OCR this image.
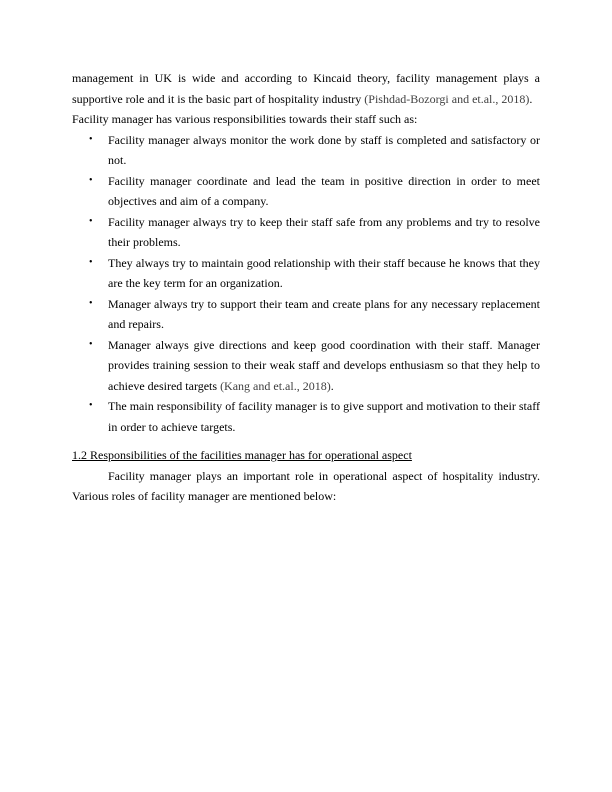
management in UK is wide and according to Kincaid theory, facility management plays a supportive role and it is the basic part of hospitality industry (Pishdad-Bozorgi and et.al., 2018).

Facility manager has various responsibilities towards their staff such as:

• Facility manager always monitor the work done by staff is completed and satisfactory or not.
• Facility manager coordinate and lead the team in positive direction in order to meet objectives and aim of a company.
• Facility manager always try to keep their staff safe from any problems and try to resolve their problems.
• They always try to maintain good relationship with their staff because he knows that they are the key term for an organization.
• Manager always try to support their team and create plans for any necessary replacement and repairs.
• Manager always give directions and keep good coordination with their staff. Manager provides training session to their weak staff and develops enthusiasm so that they help to achieve desired targets (Kang and et.al., 2018).
• The main responsibility of facility manager is to give support and motivation to their staff in order to achieve targets.

1.2 Responsibilities of the facilities manager has for operational aspect

Facility manager plays an important role in operational aspect of hospitality industry. Various roles of facility manager are mentioned below:
